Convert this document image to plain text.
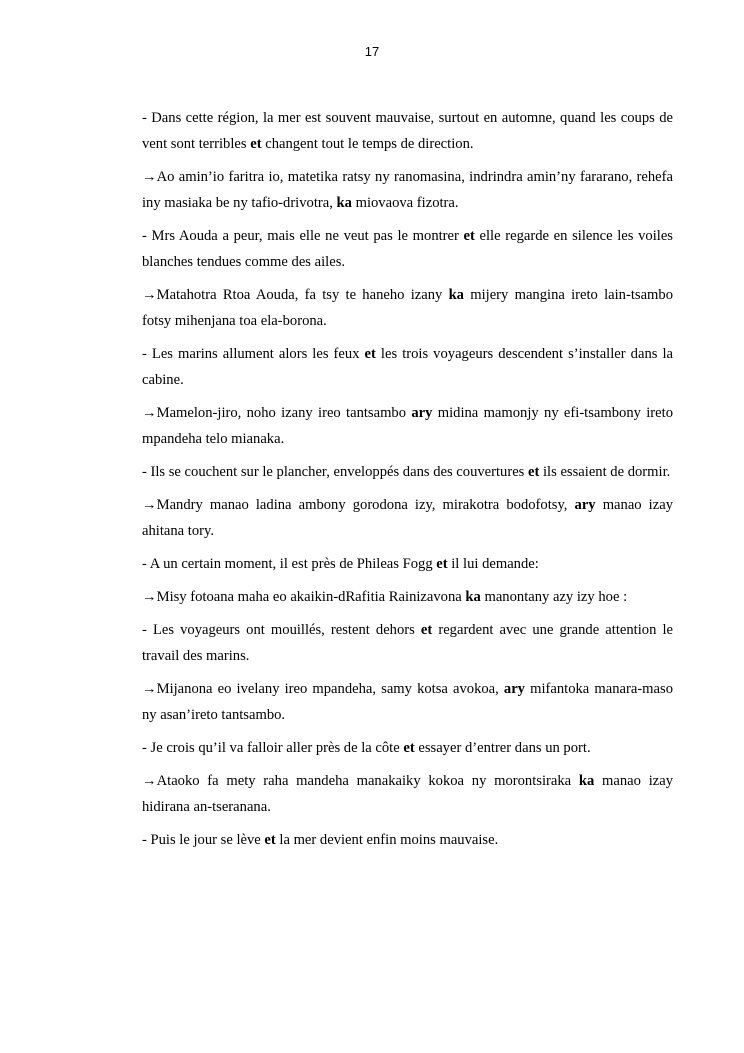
17

- Dans cette région, la mer est souvent mauvaise, surtout en automne, quand les coups de vent sont terribles et changent tout le temps de direction.

→Ao amin’io faritra io, matetika ratsy ny ranomasina, indrindra amin’ny fararano, rehefa iny masiaka be ny tafio-drivotra, ka miovaova fizotra.

- Mrs Aouda a peur, mais elle ne veut pas le montrer et elle regarde en silence les voiles blanches tendues comme des ailes.

→Matahotra Rtoa Aouda, fa tsy te haneho izany ka mijery mangina ireto lain-tsambo fotsy mihenjana toa ela-borona.

- Les marins allument alors les feux et les trois voyageurs descendent s’installer dans la cabine.

→Mamelon-jiro, noho izany ireo tantsambo ary midina mamonjy ny efi-tsambony ireto mpandeha telo mianaka.

- Ils se couchent sur le plancher, enveloppés dans des couvertures et ils essaient de dormir.

→Mandry manao ladina ambony gorodona izy, mirakotra bodofotsy, ary manao izay ahitana tory.

- A un certain moment, il est près de Phileas Fogg et il lui demande:

→Misy fotoana maha eo akaikin-dRafitia Rainizavona ka manontany azy izy hoe :

- Les voyageurs ont mouillés, restent dehors et regardent avec une grande attention le travail des marins.

→Mijanona eo ivelany ireo mpandeha, samy kotsa avokoa, ary mifantoka manara-maso ny asan’ireto tantsambo.

- Je crois qu’il va falloir aller près de la côte et essayer d’entrer dans un port.

→Ataoko fa mety raha mandeha manakaiky kokoa ny morontsiraka ka manao izay hidirana an-tseranana.

- Puis le jour se lève et la mer devient enfin moins mauvaise.
